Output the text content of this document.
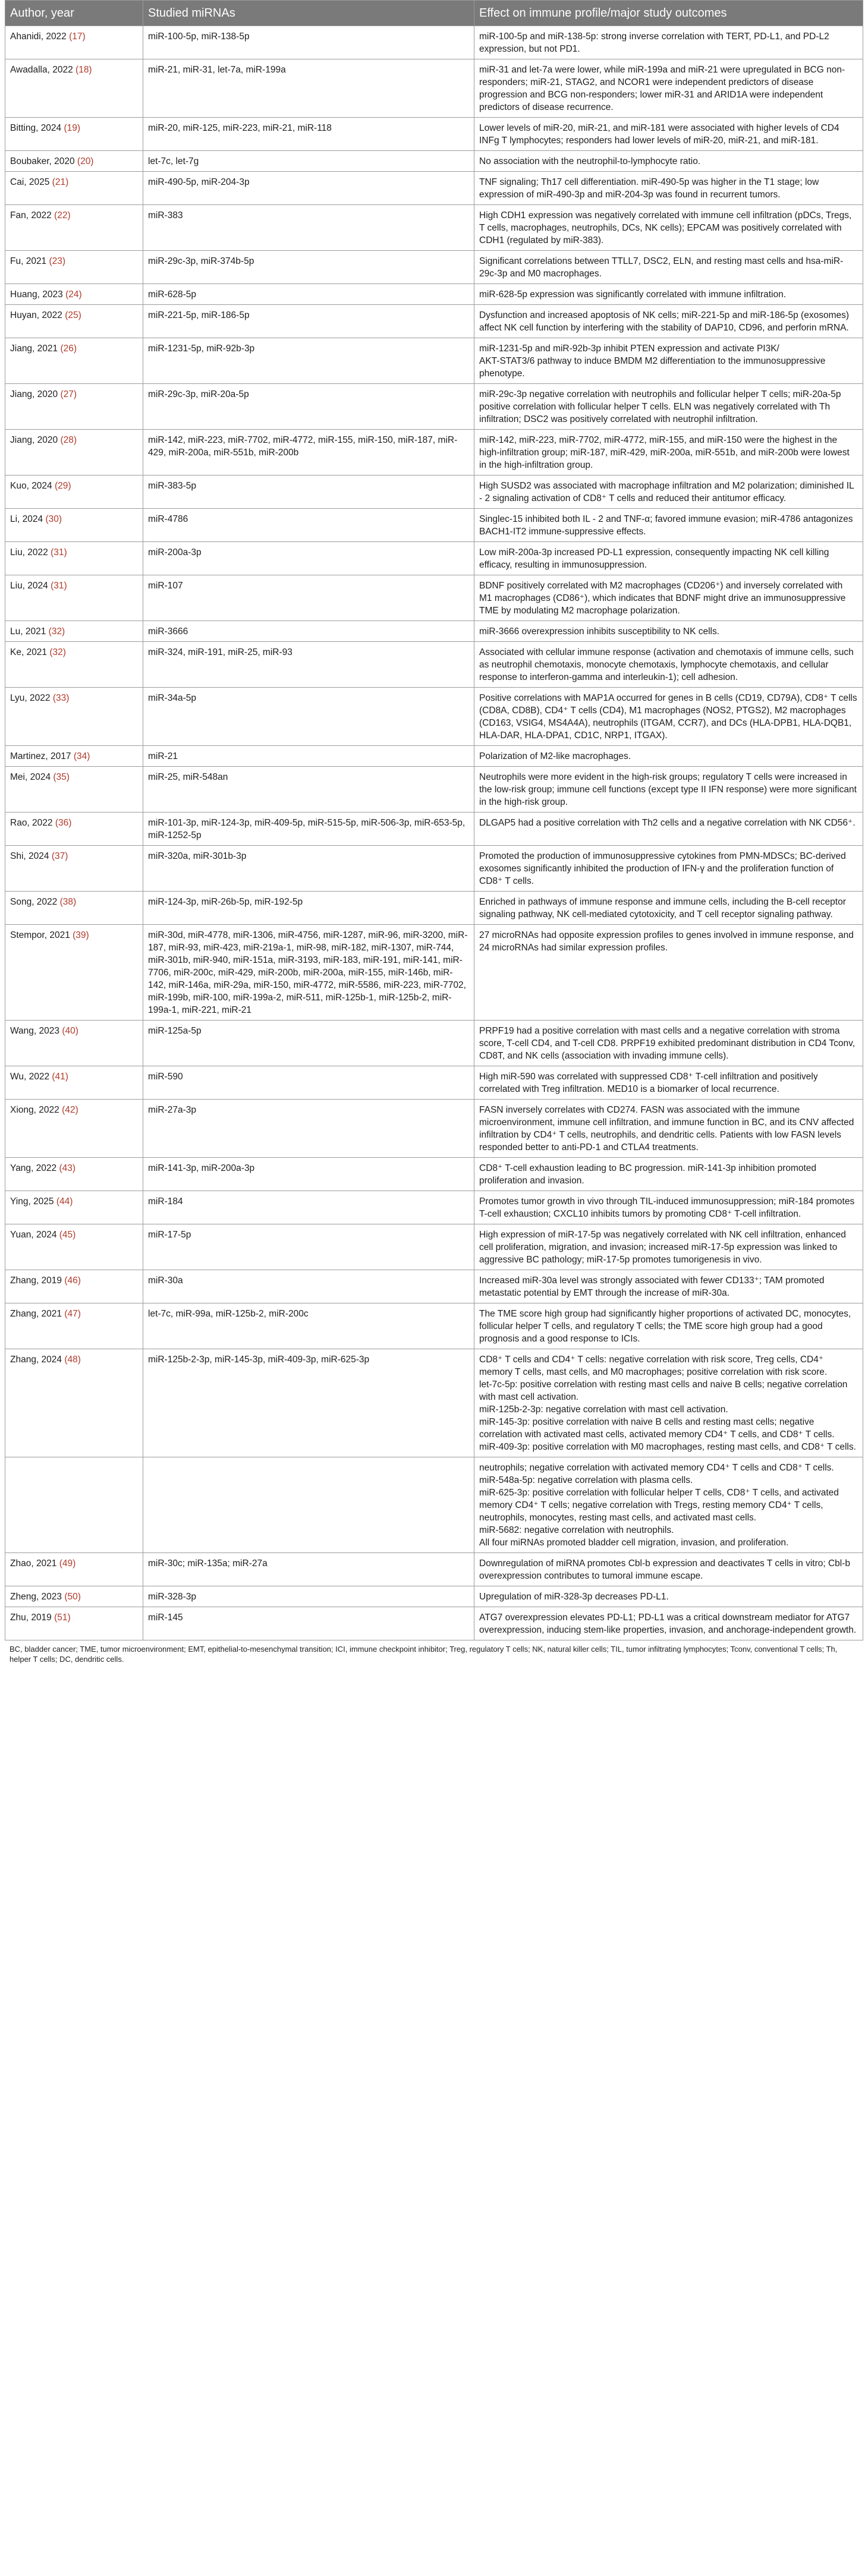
Author, year	Studied miRNAs	Effect on immune profile/major study outcomes
Ahanidi, 2022 (17)	miR-100-5p, miR-138-5p	miR-100-5p and miR-138-5p: strong inverse correlation with TERT, PD-L1, and PD-L2 expression, but not PD1.
Awadalla, 2022 (18)	miR-21, miR-31, let-7a, miR-199a	miR-31 and let-7a were lower, while miR-199a and miR-21 were upregulated in BCG non-responders; miR-21, STAG2, and NCOR1 were independent predictors of disease progression and BCG non-responders; lower miR-31 and ARID1A were independent predictors of disease recurrence.
Bitting, 2024 (19)	miR-20, miR-125, miR-223, miR-21, miR-118	Lower levels of miR-20, miR-21, and miR-181 were associated with higher levels of CD4 INFg T lymphocytes; responders had lower levels of miR-20, miR-21, and miR-181.
Boubaker, 2020 (20)	let-7c, let-7g	No association with the neutrophil-to-lymphocyte ratio.
Cai, 2025 (21)	miR-490-5p, miR-204-3p	TNF signaling; Th17 cell differentiation. miR-490-5p was higher in the T1 stage; low expression of miR-490-3p and miR-204-3p was found in recurrent tumors.
Fan, 2022 (22)	miR-383	High CDH1 expression was negatively correlated with immune cell infiltration (pDCs, Tregs, T cells, macrophages, neutrophils, DCs, NK cells); EPCAM was positively correlated with CDH1 (regulated by miR-383).
Fu, 2021 (23)	miR-29c-3p, miR-374b-5p	Significant correlations between TTLL7, DSC2, ELN, and resting mast cells and hsa-miR-29c-3p and M0 macrophages.
Huang, 2023 (24)	miR-628-5p	miR-628-5p expression was significantly correlated with immune infiltration.
Huyan, 2022 (25)	miR-221-5p, miR-186-5p	Dysfunction and increased apoptosis of NK cells; miR-221-5p and miR-186-5p (exosomes) affect NK cell function by interfering with the stability of DAP10, CD96, and perforin mRNA.
Jiang, 2021 (26)	miR-1231-5p, miR-92b-3p	miR-1231-5p and miR-92b-3p inhibit PTEN expression and activate PI3K/
AKT-STAT3/6 pathway to induce BMDM M2 differentiation to the immunosuppressive phenotype.
Jiang, 2020 (27)	miR-29c-3p, miR-20a-5p	miR-29c-3p negative correlation with neutrophils and follicular helper T cells; miR-20a-5p positive correlation with follicular helper T cells. ELN was negatively correlated with Th infiltration; DSC2 was positively correlated with neutrophil infiltration.
Jiang, 2020 (28)	miR-142, miR-223, miR-7702, miR-4772, miR-155, miR-150, miR-187, miR-429, miR-200a, miR-551b, miR-200b	miR-142, miR-223, miR-7702, miR-4772, miR-155, and miR-150 were the highest in the high-infiltration group; miR-187, miR-429, miR-200a, miR-551b, and miR-200b were lowest in the high-infiltration group.
Kuo, 2024 (29)	miR-383-5p	High SUSD2 was associated with macrophage infiltration and M2 polarization; diminished IL - 2 signaling activation of CD8⁺ T cells and reduced their antitumor efficacy.
Li, 2024 (30)	miR-4786	Singlec-15 inhibited both IL - 2 and TNF-α; favored immune evasion; miR-4786 antagonizes BACH1-IT2 immune-suppressive effects.
Liu, 2022 (31)	miR-200a-3p	Low miR-200a-3p increased PD-L1 expression, consequently impacting NK cell killing efficacy, resulting in immunosuppression.
Liu, 2024 (31)	miR-107	BDNF positively correlated with M2 macrophages (CD206⁺) and inversely correlated with M1 macrophages (CD86⁺), which indicates that BDNF might drive an immunosuppressive TME by modulating M2 macrophage polarization.
Lu, 2021 (32)	miR-3666	miR-3666 overexpression inhibits susceptibility to NK cells.
Ke, 2021 (32)	miR-324, miR-191, miR-25, miR-93	Associated with cellular immune response (activation and chemotaxis of immune cells, such as neutrophil chemotaxis, monocyte chemotaxis, lymphocyte chemotaxis, and cellular response to interferon-gamma and interleukin-1); cell adhesion.
Lyu, 2022 (33)	miR-34a-5p	Positive correlations with MAP1A occurred for genes in B cells (CD19, CD79A), CD8⁺ T cells (CD8A, CD8B), CD4⁺ T cells (CD4), M1 macrophages (NOS2, PTGS2), M2 macrophages (CD163, VSIG4, MS4A4A), neutrophils (ITGAM, CCR7), and DCs (HLA-DPB1, HLA-DQB1, HLA-DAR, HLA-DPA1, CD1C, NRP1, ITGAX).
Martinez, 2017 (34)	miR-21	Polarization of M2-like macrophages.
Mei, 2024 (35)	miR-25, miR-548an	Neutrophils were more evident in the high-risk groups; regulatory T cells were increased in the low-risk group; immune cell functions (except type II IFN response) were more significant in the high-risk group.
Rao, 2022 (36)	miR-101-3p, miR-124-3p, miR-409-5p, miR-515-5p, miR-506-3p, miR-653-5p, miR-1252-5p	DLGAP5 had a positive correlation with Th2 cells and a negative correlation with NK CD56⁺.
Shi, 2024 (37)	miR-320a, miR-301b-3p	Promoted the production of immunosuppressive cytokines from PMN-MDSCs; BC-derived exosomes significantly inhibited the production of IFN-γ and the proliferation function of CD8⁺ T cells.
Song, 2022 (38)	miR-124-3p, miR-26b-5p, miR-192-5p	Enriched in pathways of immune response and immune cells, including the B-cell receptor signaling pathway, NK cell-mediated cytotoxicity, and T cell receptor signaling pathway.
Stempor, 2021 (39)	miR-30d, miR-4778, miR-1306, miR-4756, miR-1287, miR-96, miR-3200, miR-187, miR-93, miR-423, miR-219a-1, miR-98, miR-182, miR-1307, miR-744, miR-301b, miR-940, miR-151a, miR-3193, miR-183, miR-191, miR-141, miR-7706, miR-200c, miR-429, miR-200b, miR-200a, miR-155, miR-146b, miR-142, miR-146a, miR-29a, miR-150, miR-4772, miR-5586, miR-223, miR-7702, miR-199b, miR-100, miR-199a-2, miR-511, miR-125b-1, miR-125b-2, miR-199a-1, miR-221, miR-21	27 microRNAs had opposite expression profiles to genes involved in immune response, and 24 microRNAs had similar expression profiles.
Wang, 2023 (40)	miR-125a-5p	PRPF19 had a positive correlation with mast cells and a negative correlation with stroma score, T-cell CD4, and T-cell CD8. PRPF19 exhibited predominant distribution in CD4 Tconv, CD8T, and NK cells (association with invading immune cells).
Wu, 2022 (41)	miR-590	High miR-590 was correlated with suppressed CD8⁺ T-cell infiltration and positively correlated with Treg infiltration. MED10 is a biomarker of local recurrence.
Xiong, 2022 (42)	miR-27a-3p	FASN inversely correlates with CD274. FASN was associated with the immune microenvironment, immune cell infiltration, and immune function in BC, and its CNV affected infiltration by CD4⁺ T cells, neutrophils, and dendritic cells. Patients with low FASN levels responded better to anti-PD-1 and CTLA4 treatments.
Yang, 2022 (43)	miR-141-3p, miR-200a-3p	CD8⁺ T-cell exhaustion leading to BC progression. miR-141-3p inhibition promoted proliferation and invasion.
Ying, 2025 (44)	miR-184	Promotes tumor growth in vivo through TIL-induced immunosuppression; miR-184 promotes T-cell exhaustion; CXCL10 inhibits tumors by promoting CD8⁺ T-cell infiltration.
Yuan, 2024 (45)	miR-17-5p	High expression of miR-17-5p was negatively correlated with NK cell infiltration, enhanced cell proliferation, migration, and invasion; increased miR-17-5p expression was linked to aggressive BC pathology; miR-17-5p promotes tumorigenesis in vivo.
Zhang, 2019 (46)	miR-30a	Increased miR-30a level was strongly associated with fewer CD133⁺; TAM promoted metastatic potential by EMT through the increase of miR-30a.
Zhang, 2021 (47)	let-7c, miR-99a, miR-125b-2, miR-200c	The TME score high group had significantly higher proportions of activated DC, monocytes, follicular helper T cells, and regulatory T cells; the TME score high group had a good prognosis and a good response to ICIs.
Zhang, 2024 (48)	miR-125b-2-3p, miR-145-3p, miR-409-3p, miR-625-3p	CD8⁺ T cells and CD4⁺ T cells: negative correlation with risk score, Treg cells, CD4⁺ memory T cells, mast cells, and M0 macrophages; positive correlation with risk score.
let-7c-5p: positive correlation with resting mast cells and naive B cells; negative correlation with mast cell activation.
miR-125b-2-3p: negative correlation with mast cell activation.
miR-145-3p: positive correlation with naive B cells and resting mast cells; negative correlation with activated mast cells, activated memory CD4⁺ T cells, and CD8⁺ T cells.
miR-409-3p: positive correlation with M0 macrophages, resting mast cells, and CD8⁺ T cells.
		neutrophils; negative correlation with activated memory CD4⁺ T cells and CD8⁺ T cells.
miR-548a-5p: negative correlation with plasma cells.
miR-625-3p: positive correlation with follicular helper T cells, CD8⁺ T cells, and activated memory CD4⁺ T cells; negative correlation with Tregs, resting memory CD4⁺ T cells, neutrophils, monocytes, resting mast cells, and activated mast cells.
miR-5682: negative correlation with neutrophils.
All four miRNAs promoted bladder cell migration, invasion, and proliferation.
Zhao, 2021 (49)	miR-30c; miR-135a; miR-27a	Downregulation of miRNA promotes Cbl-b expression and deactivates T cells in vitro; Cbl-b overexpression contributes to tumoral immune escape.
Zheng, 2023 (50)	miR-328-3p	Upregulation of miR-328-3p decreases PD-L1.
Zhu, 2019 (51)	miR-145	ATG7 overexpression elevates PD-L1; PD-L1 was a critical downstream mediator for ATG7 overexpression, inducing stem-like properties, invasion, and anchorage-independent growth.
BC, bladder cancer; TME, tumor microenvironment; EMT, epithelial-to-mesenchymal transition; ICI, immune checkpoint inhibitor; Treg, regulatory T cells; NK, natural killer cells; TIL, tumor infiltrating lymphocytes; Tconv, conventional T cells; Th, helper T cells; DC, dendritic cells.
